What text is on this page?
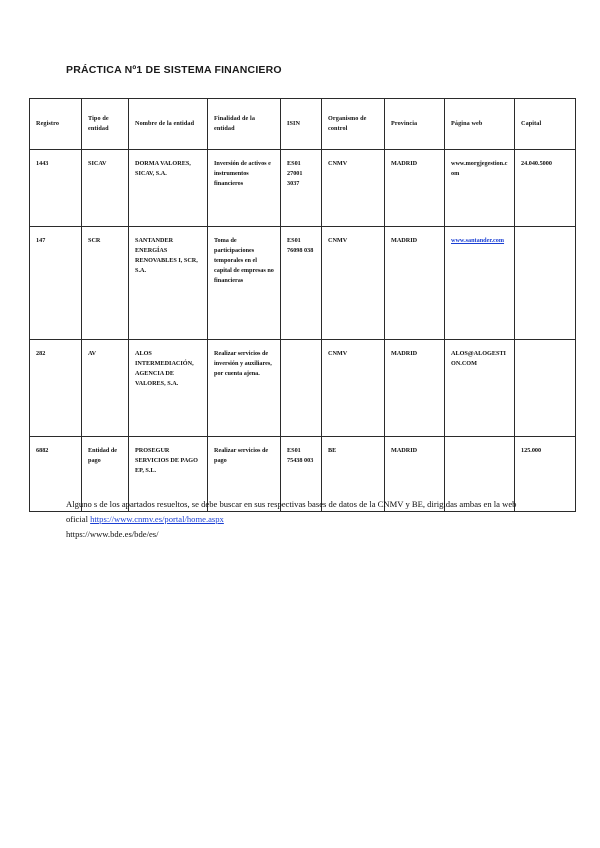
PRÁCTICA Nº1 DE SISTEMA FINANCIERO
Registro	Tipo de entidad	Nombre de la entidad	Finalidad de la entidad	ISIN	Organismo de control	Provincia	Página web	Capital

1443	SICAV	DORMA VALORES, SICAV, S.A.	Inversión de activos e instrumentos financieros	ES01 27001 3037	CNMV	MADRID	www.morgjegestion.com	24.040.5000

147	SCR	SANTANDER ENERGÍAS RENOVABLES I, SCR, S.A.	Toma de participaciones temporales en el capital de empresas no financieras	ES01 76098 038	CNMV	MADRID	www.santander.com	

282	AV	ALOS INTERMEDIACIÓN, AGENCIA DE VALORES, S.A.	Realizar servicios de inversión y auxiliares, por cuenta ajena.		CNMV	MADRID	ALOS@ALOGESTION.COM	

6882	Entidad de pago	PROSEGUR SERVICIOS DE PAGO EP, S.L.	Realizar servicios de pago	ES01 75438 003	BE	MADRID		125.000
Alguno s de los apartados resueltos, se debe buscar en sus respectivas bases de datos de la CNMV y BE, dirigidas ambas en la web oficial https://www.cnmv.es/portal/home.aspx
https://www.bde.es/bde/es/
